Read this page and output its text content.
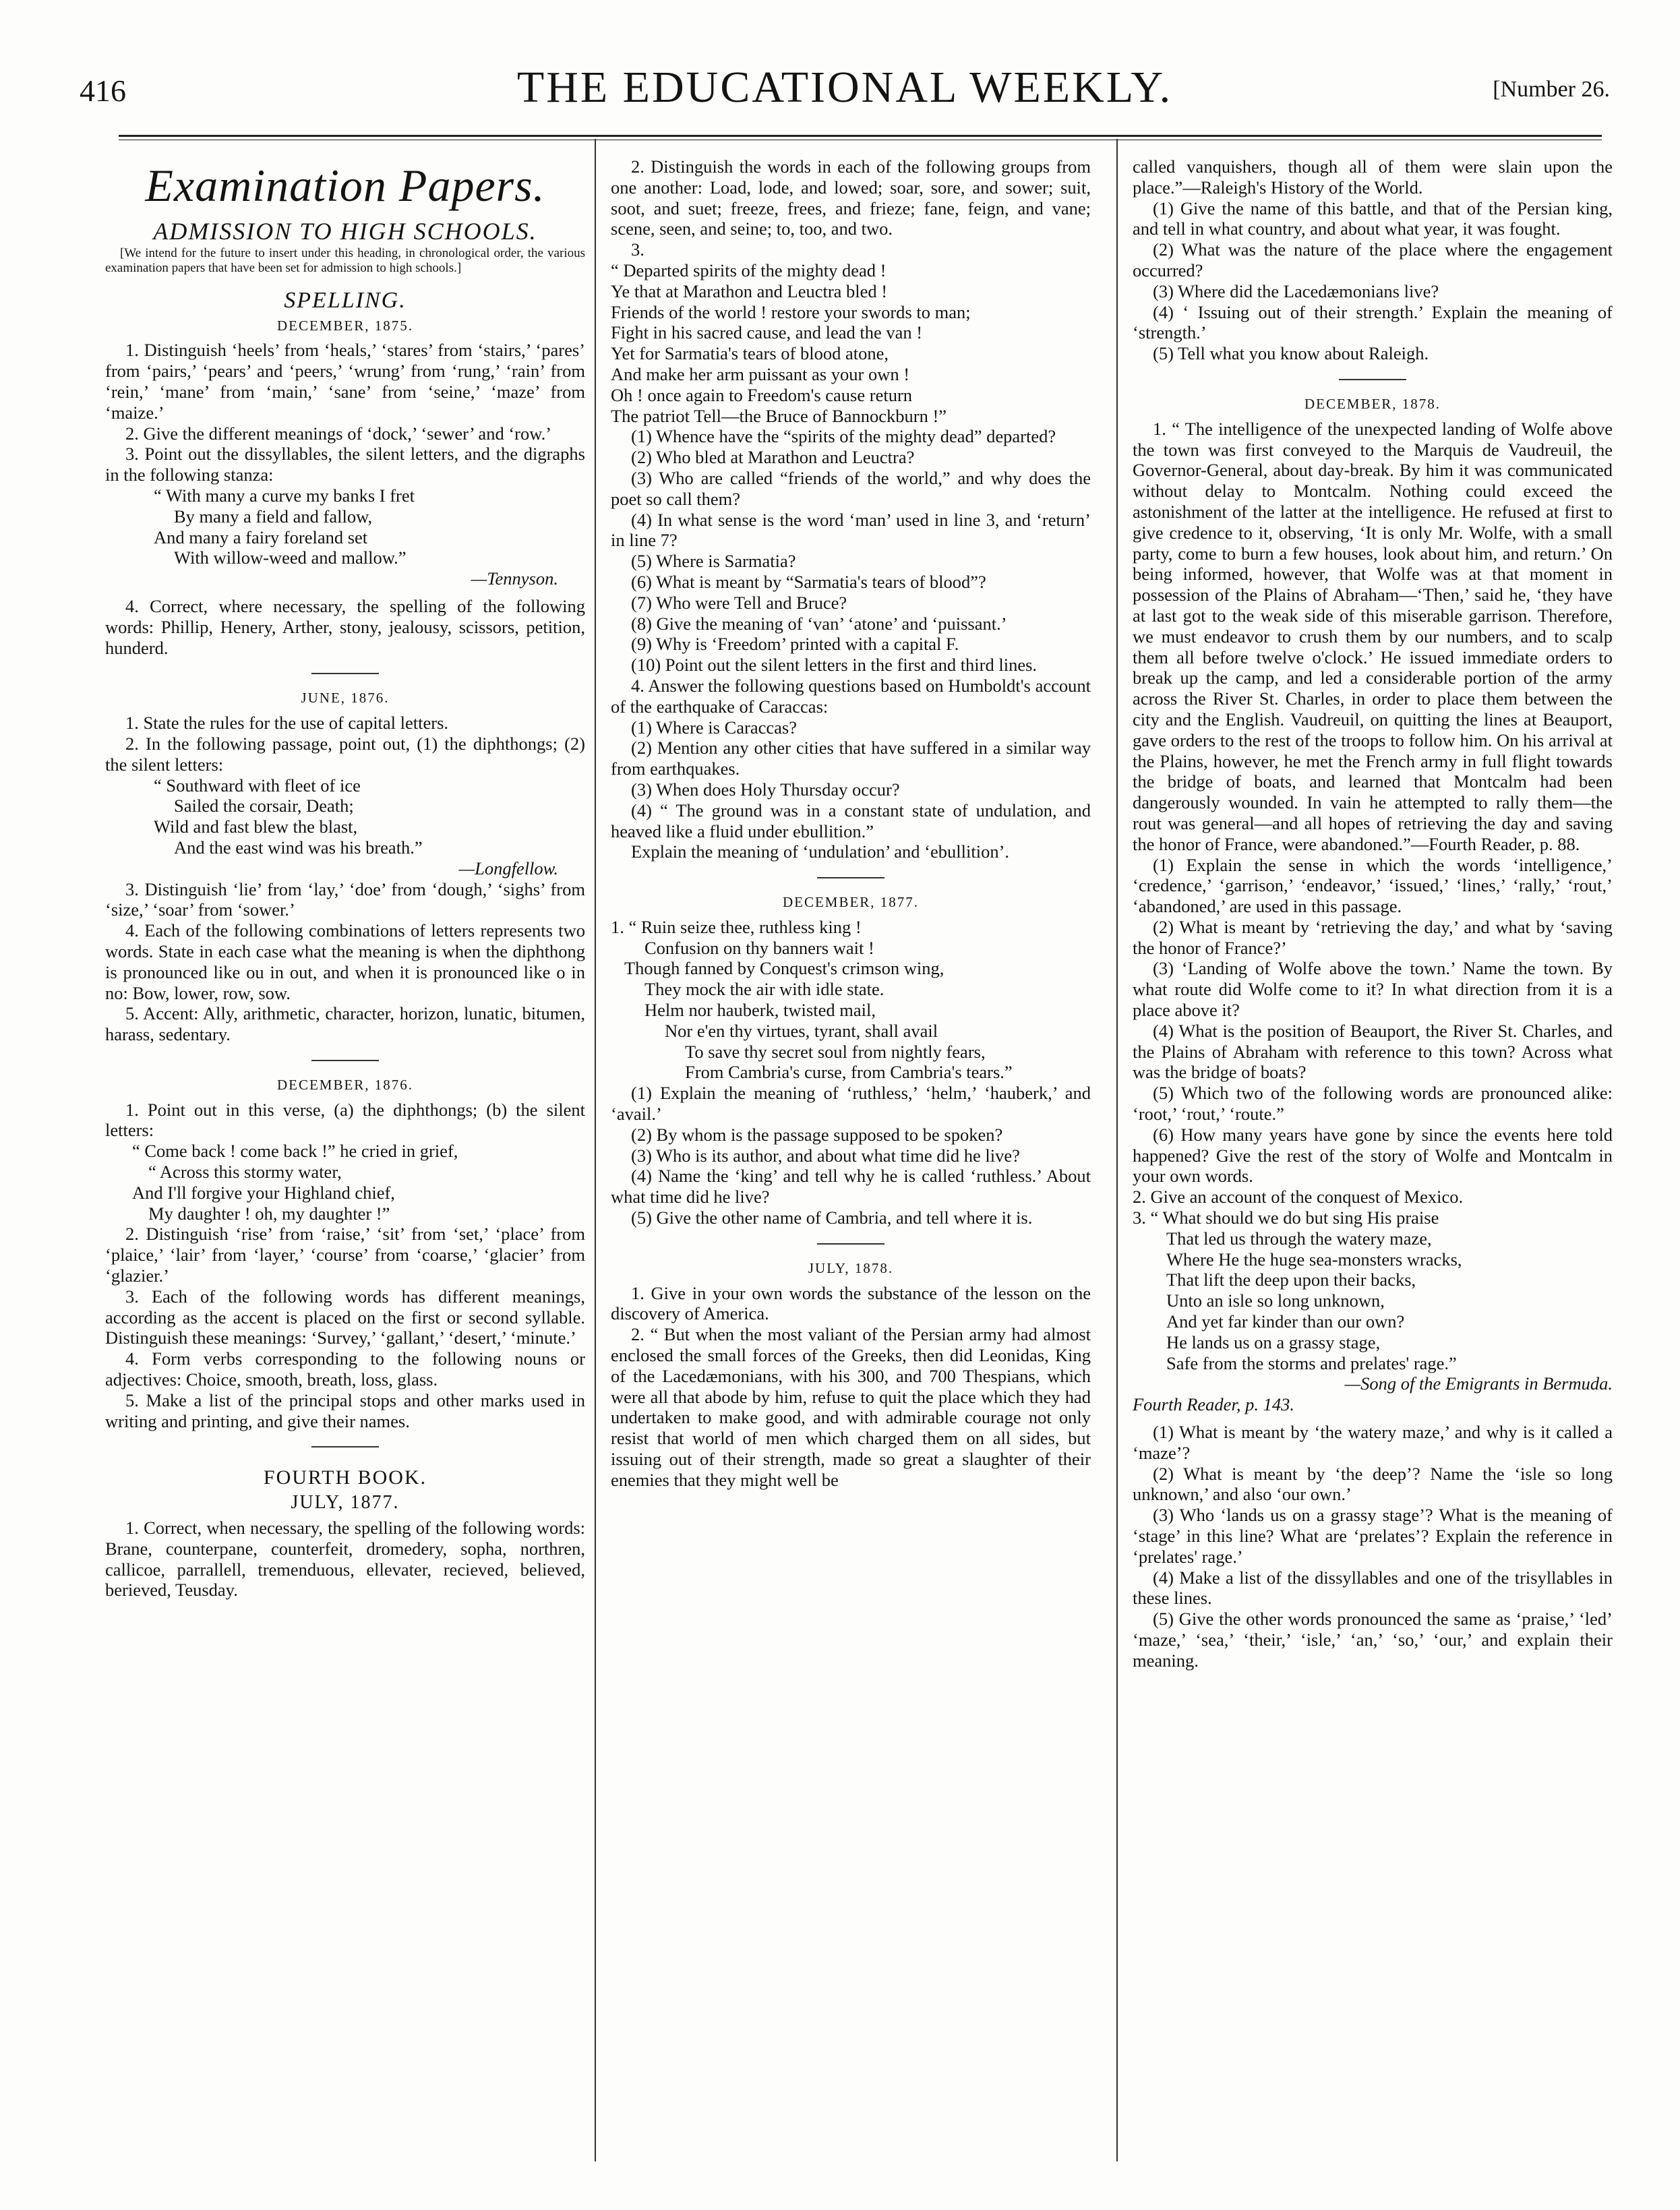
416	THE EDUCATIONAL WEEKLY.	[Number 26.
Examination Papers.
ADMISSION TO HIGH SCHOOLS.
[We intend for the future to insert under this heading, in chronological order, the various examination papers that have been set for admission to high schools.]
SPELLING.
DECEMBER, 1875.

1. Distinguish ‘heels’ from ‘heals,’ ‘stares’ from ‘stairs,’ ‘pares’ from ‘pairs,’ ‘pears’ and ‘peers,’ ‘wrung’ from ‘rung,’ ‘rain’ from ‘rein,’ ‘mane’ from ‘main,’ ‘sane’ from ‘seine,’ ‘maze’ from ‘maize.’

2. Give the different meanings of ‘dock,’ ‘sewer’ and ‘row.’

3. Point out the dissyllables, the silent letters, and the digraphs in the following stanza:

“ With many a curve my banks I fret
By many a field and fallow,
And many a fairy foreland set
With willow-weed and mallow.”
—Tennyson.

4. Correct, where necessary, the spelling of the following words: Phillip, Henery, Arther, stony, jealousy, scissors, petition, hunderd.

JUNE, 1876.

1. State the rules for the use of capital letters.

2. In the following passage, point out, (1) the diphthongs; (2) the silent letters:

“ Southward with fleet of ice
Sailed the corsair, Death;
Wild and fast blew the blast,
And the east wind was his breath.”
—Longfellow.

3. Distinguish ‘lie’ from ‘lay,’ ‘doe’ from ‘dough,’ ‘sighs’ from ‘size,’ ‘soar’ from ‘sower.’

4. Each of the following combinations of letters represents two words. State in each case what the meaning is when the diphthong is pronounced like ou in out, and when it is pronounced like o in no: Bow, lower, row, sow.

5. Accent: Ally, arithmetic, character, horizon, lunatic, bitumen, harass, sedentary.

DECEMBER, 1876.

1. Point out in this verse, (a) the diphthongs; (b) the silent letters:

“ Come back ! come back !” he cried in grief,
“ Across this stormy water,
And I'll forgive your Highland chief,
My daughter ! oh, my daughter !”

2. Distinguish ‘rise’ from ‘raise,’ ‘sit’ from ‘set,’ ‘place’ from ‘plaice,’ ‘lair’ from ‘layer,’ ‘course’ from ‘coarse,’ ‘glacier’ from ‘glazier.’

3. Each of the following words has different meanings, according as the accent is placed on the first or second syllable. Distinguish these meanings: ‘Survey,’ ‘gallant,’ ‘desert,’ ‘minute.’

4. Form verbs corresponding to the following nouns or adjectives: Choice, smooth, breath, loss, glass.

5. Make a list of the principal stops and other marks used in writing and printing, and give their names.

FOURTH BOOK.
JULY, 1877.

1. Correct, when necessary, the spelling of the following words: Brane, counterpane, counterfeit, dromedery, sopha, northren, callicoe, parrallell, tremenduous, ellevater, recieved, believed, berieved, Teusday.

2. Distinguish the words in each of the following groups from one another: Load, lode, and lowed; soar, sore, and sower; suit, soot, and suet; freeze, frees, and frieze; fane, feign, and vane; scene, seen, and seine; to, too, and two.

3.

“ Departed spirits of the mighty dead !
Ye that at Marathon and Leuctra bled !
Friends of the world ! restore your swords to man;
Fight in his sacred cause, and lead the van !
Yet for Sarmatia's tears of blood atone,
And make her arm puissant as your own !
Oh ! once again to Freedom's cause return
The patriot Tell—the Bruce of Bannockburn !”

(1) Whence have the “spirits of the mighty dead” departed?

(2) Who bled at Marathon and Leuctra?

(3) Who are called “friends of the world,” and why does the poet so call them?

(4) In what sense is the word ‘man’ used in line 3, and ‘return’ in line 7?

(5) Where is Sarmatia?

(6) What is meant by “Sarmatia's tears of blood”?

(7) Who were Tell and Bruce?

(8) Give the meaning of ‘van’ ‘atone’ and ‘puissant.’

(9) Why is ‘Freedom’ printed with a capital F.

(10) Point out the silent letters in the first and third lines.

4. Answer the following questions based on Humboldt's account of the earthquake of Caraccas:

(1) Where is Caraccas?

(2) Mention any other cities that have suffered in a similar way from earthquakes.

(3) When does Holy Thursday occur?

(4) “ The ground was in a constant state of undulation, and heaved like a fluid under ebullition.”

Explain the meaning of ‘undulation’ and ‘ebullition’.

DECEMBER, 1877.
1. “ Ruin seize thee, ruthless king !
Confusion on thy banners wait !
Though fanned by Conquest's crimson wing,
They mock the air with idle state.
Helm nor hauberk, twisted mail,
Nor e'en thy virtues, tyrant, shall avail
To save thy secret soul from nightly fears,
From Cambria's curse, from Cambria's tears.”

(1) Explain the meaning of ‘ruthless,’ ‘helm,’ ‘hauberk,’ and ‘avail.’

(2) By whom is the passage supposed to be spoken?

(3) Who is its author, and about what time did he live?

(4) Name the ‘king’ and tell why he is called ‘ruthless.’ About what time did he live?

(5) Give the other name of Cambria, and tell where it is.

JULY, 1878.

1. Give in your own words the substance of the lesson on the discovery of America.

2. “ But when the most valiant of the Persian army had almost enclosed the small forces of the Greeks, then did Leonidas, King of the Lacedæmonians, with his 300, and 700 Thespians, which were all that abode by him, refuse to quit the place which they had undertaken to make good, and with admirable courage not only resist that world of men which charged them on all sides, but issuing out of their strength, made so great a slaughter of their enemies that they might well be

called vanquishers, though all of them were slain upon the place.”—Raleigh's History of the World.

(1) Give the name of this battle, and that of the Persian king, and tell in what country, and about what year, it was fought.

(2) What was the nature of the place where the engagement occurred?

(3) Where did the Lacedæmonians live?

(4) ‘ Issuing out of their strength.’ Explain the meaning of ‘strength.’

(5) Tell what you know about Raleigh.

DECEMBER, 1878.

1. “ The intelligence of the unexpected landing of Wolfe above the town was first conveyed to the Marquis de Vaudreuil, the Governor-General, about day-break. By him it was communicated without delay to Montcalm. Nothing could exceed the astonishment of the latter at the intelligence. He refused at first to give credence to it, observing, ‘It is only Mr. Wolfe, with a small party, come to burn a few houses, look about him, and return.’ On being informed, however, that Wolfe was at that moment in possession of the Plains of Abraham—‘Then,’ said he, ‘they have at last got to the weak side of this miserable garrison. Therefore, we must endeavor to crush them by our numbers, and to scalp them all before twelve o'clock.’ He issued immediate orders to break up the camp, and led a considerable portion of the army across the River St. Charles, in order to place them between the city and the English. Vaudreuil, on quitting the lines at Beauport, gave orders to the rest of the troops to follow him. On his arrival at the Plains, however, he met the French army in full flight towards the bridge of boats, and learned that Montcalm had been dangerously wounded. In vain he attempted to rally them—the rout was general—and all hopes of retrieving the day and saving the honor of France, were abandoned.”—Fourth Reader, p. 88.

(1) Explain the sense in which the words ‘intelligence,’ ‘credence,’ ‘garrison,’ ‘endeavor,’ ‘issued,’ ‘lines,’ ‘rally,’ ‘rout,’ ‘abandoned,’ are used in this passage.

(2) What is meant by ‘retrieving the day,’ and what by ‘saving the honor of France?’

(3) ‘Landing of Wolfe above the town.’ Name the town. By what route did Wolfe come to it? In what direction from it is a place above it?

(4) What is the position of Beauport, the River St. Charles, and the Plains of Abraham with reference to this town? Across what was the bridge of boats?

(5) Which two of the following words are pronounced alike: ‘root,’ ‘rout,’ ‘route.”

(6) How many years have gone by since the events here told happened? Give the rest of the story of Wolfe and Montcalm in your own words.

2. Give an account of the conquest of Mexico.

3. “ What should we do but sing His praise
That led us through the watery maze,
Where He the huge sea-monsters wracks,
That lift the deep upon their backs,
Unto an isle so long unknown,
And yet far kinder than our own?
He lands us on a grassy stage,
Safe from the storms and prelates' rage.”
—Song of the Emigrants in Bermuda.
Fourth Reader, p. 143.

(1) What is meant by ‘the watery maze,’ and why is it called a ‘maze’?

(2) What is meant by ‘the deep’? Name the ‘isle so long unknown,’ and also ‘our own.’

(3) Who ‘lands us on a grassy stage’? What is the meaning of ‘stage’ in this line? What are ‘prelates’? Explain the reference in ‘prelates' rage.’

(4) Make a list of the dissyllables and one of the trisyllables in these lines.

(5) Give the other words pronounced the same as ‘praise,’ ‘led’ ‘maze,’ ‘sea,’ ‘their,’ ‘isle,’ ‘an,’ ‘so,’ ‘our,’ and explain their meaning.
